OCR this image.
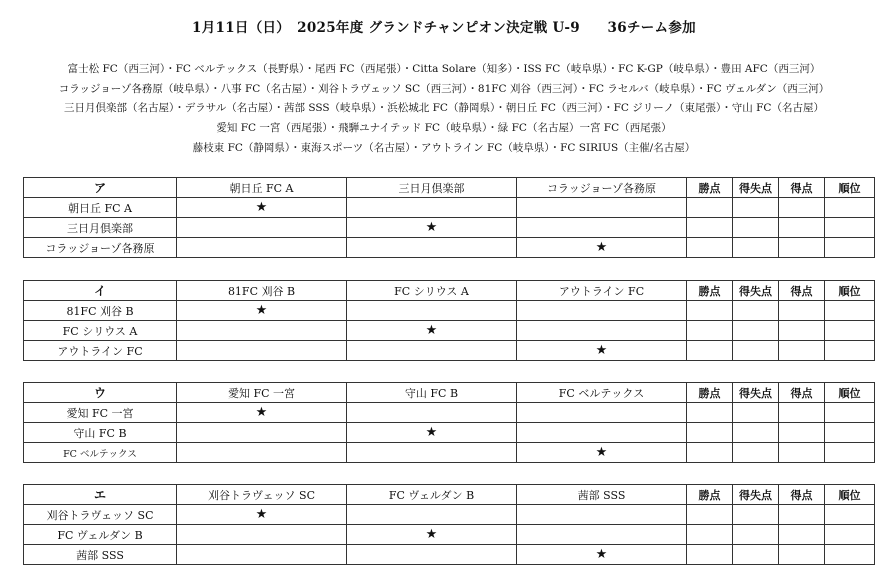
1月11日（日）　2025年度 グランドチャンピオン決定戦 U-9　　36チーム参加
富士松 FC（西三河）・FC ベルテックス（長野県）・尾西 FC（西尾張）・Citta Solare（知多）・ISS FC（岐阜県）・FC K-GP（岐阜県）・豊田 AFC（西三河）
コラッジョーゾ各務原（岐阜県）・八事 FC（名古屋）・刈谷トラヴェッソ SC（西三河）・81FC 刈谷（西三河）・FC ラセルバ（岐阜県）・FC ヴェルダン（西三河）
三日月倶楽部（名古屋）・デラサル（名古屋）・茜部 SSS（岐阜県）・浜松城北 FC（静岡県）・朝日丘 FC（西三河）・FC ジリーノ（東尾張）・守山 FC（名古屋）
愛知 FC 一宮（西尾張）・飛騨ユナイテッド FC（岐阜県）・緑 FC（名古屋）一宮 FC（西尾張）
藤枝東 FC（静岡県）・東海スポーツ（名古屋）・アウトライン FC（岐阜県）・FC SIRIUS（主催/名古屋）
ア	朝日丘 FC A	三日月倶楽部	コラッジョーゾ各務原	勝点	得失点	得点	順位
朝日丘 FC A	★						
三日月倶楽部		★					
コラッジョーゾ各務原			★				
イ	81FC 刈谷 B	FC シリウス A	アウトライン FC	勝点	得失点	得点	順位
81FC 刈谷 B	★						
FC シリウス A		★					
アウトライン FC			★				
ウ	愛知 FC 一宮	守山 FC B	FC ベルテックス	勝点	得失点	得点	順位
愛知 FC 一宮	★						
守山 FC B		★					
FC ベルテックス			★				
エ	刈谷トラヴェッソ SC	FC ヴェルダン B	茜部 SSS	勝点	得失点	得点	順位
刈谷トラヴェッソ SC	★						
FC ヴェルダン B		★					
茜部 SSS			★				
